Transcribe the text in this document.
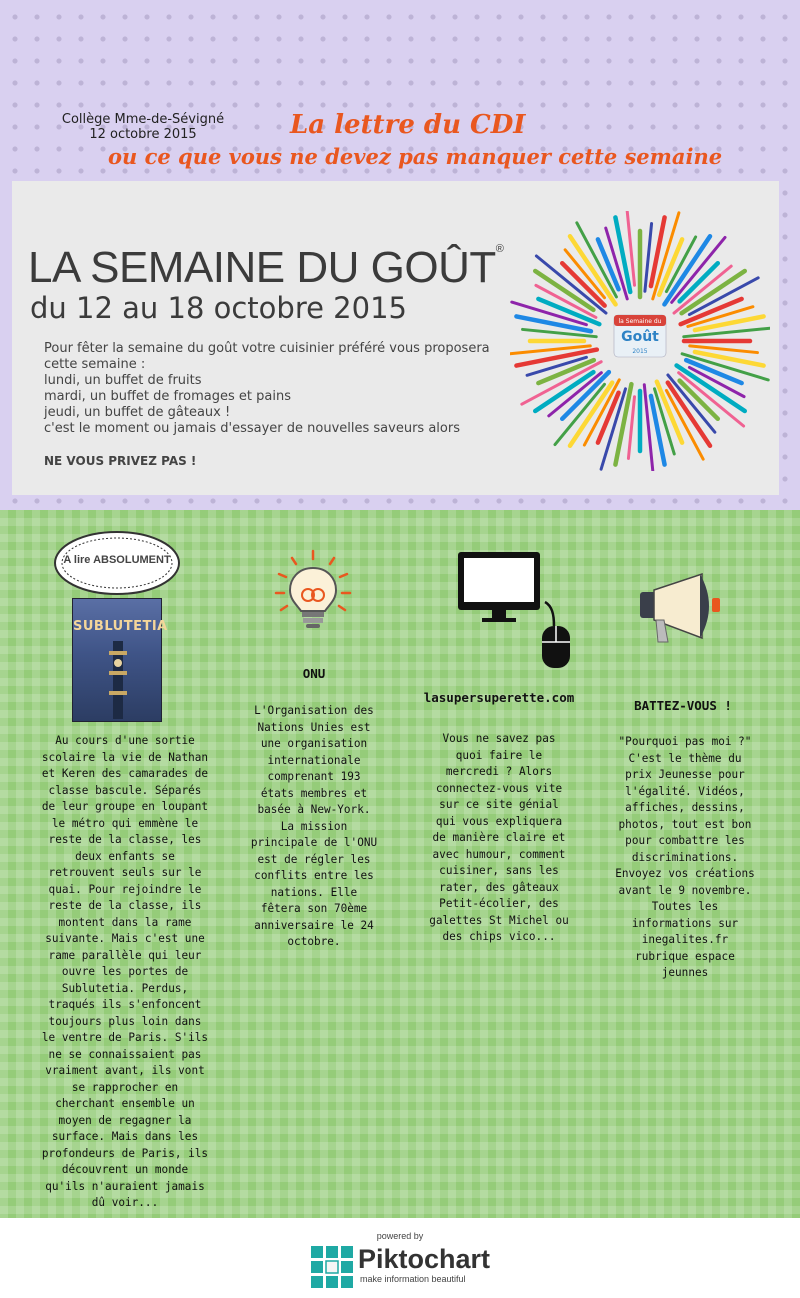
Collège Mme-de-Sévigné
12 octobre 2015	La lettre du CDI
ou ce que vous ne devez pas manquer cette semaine
LA SEMAINE DU GOÛT®
du 12 au 18 octobre 2015
Pour fêter la semaine du goût votre cuisinier préféré vous proposera cette semaine :
lundi, un buffet de fruits
mardi, un buffet de fromages et pains
jeudi, un buffet de gâteaux !
c'est le moment ou jamais d'essayer de nouvelles saveurs alors
NE VOUS PRIVEZ PAS !
la Semaine du
Goût
2015
A lire ABSOLUMENT
SUBLUTETIA
Au cours d'une sortie scolaire la vie de Nathan et Keren des camarades de classe bascule. Séparés de leur groupe en loupant le métro qui emmène le reste de la classe, les deux enfants se retrouvent seuls sur le quai. Pour rejoindre le reste de la classe, ils montent dans la rame suivante. Mais c'est une rame parallèle qui leur ouvre les portes de Sublutetia. Perdus, traqués ils s'enfoncent toujours plus loin dans le ventre de Paris. S'ils ne se connaissaient pas vraiment avant, ils vont se rapprocher en cherchant ensemble un moyen de regagner la surface. Mais dans les profondeurs de Paris, ils découvrent un monde qu'ils n'auraient jamais dû voir...
ONU
L'Organisation des Nations Unies est une organisation internationale comprenant 193 états membres et basée à New-York. La mission principale de l'ONU est de régler les conflits entre les nations. Elle fêtera son 70ème anniversaire le 24 octobre.
lasupersuperette.com
Vous ne savez pas quoi faire le mercredi ? Alors connectez-vous vite sur ce site génial qui vous expliquera de manière claire et avec humour, comment cuisiner, sans les rater, des gâteaux Petit-écolier, des galettes St Michel ou des chips vico...
BATTEZ-VOUS !
"Pourquoi pas moi ?" C'est le thème du prix Jeunesse pour l'égalité. Vidéos, affiches, dessins, photos, tout est bon pour combattre les discriminations. Envoyez vos créations avant le 9 novembre. Toutes les informations sur inegalites.fr rubrique espace jeunnes
powered by
Piktochart
make information beautiful
